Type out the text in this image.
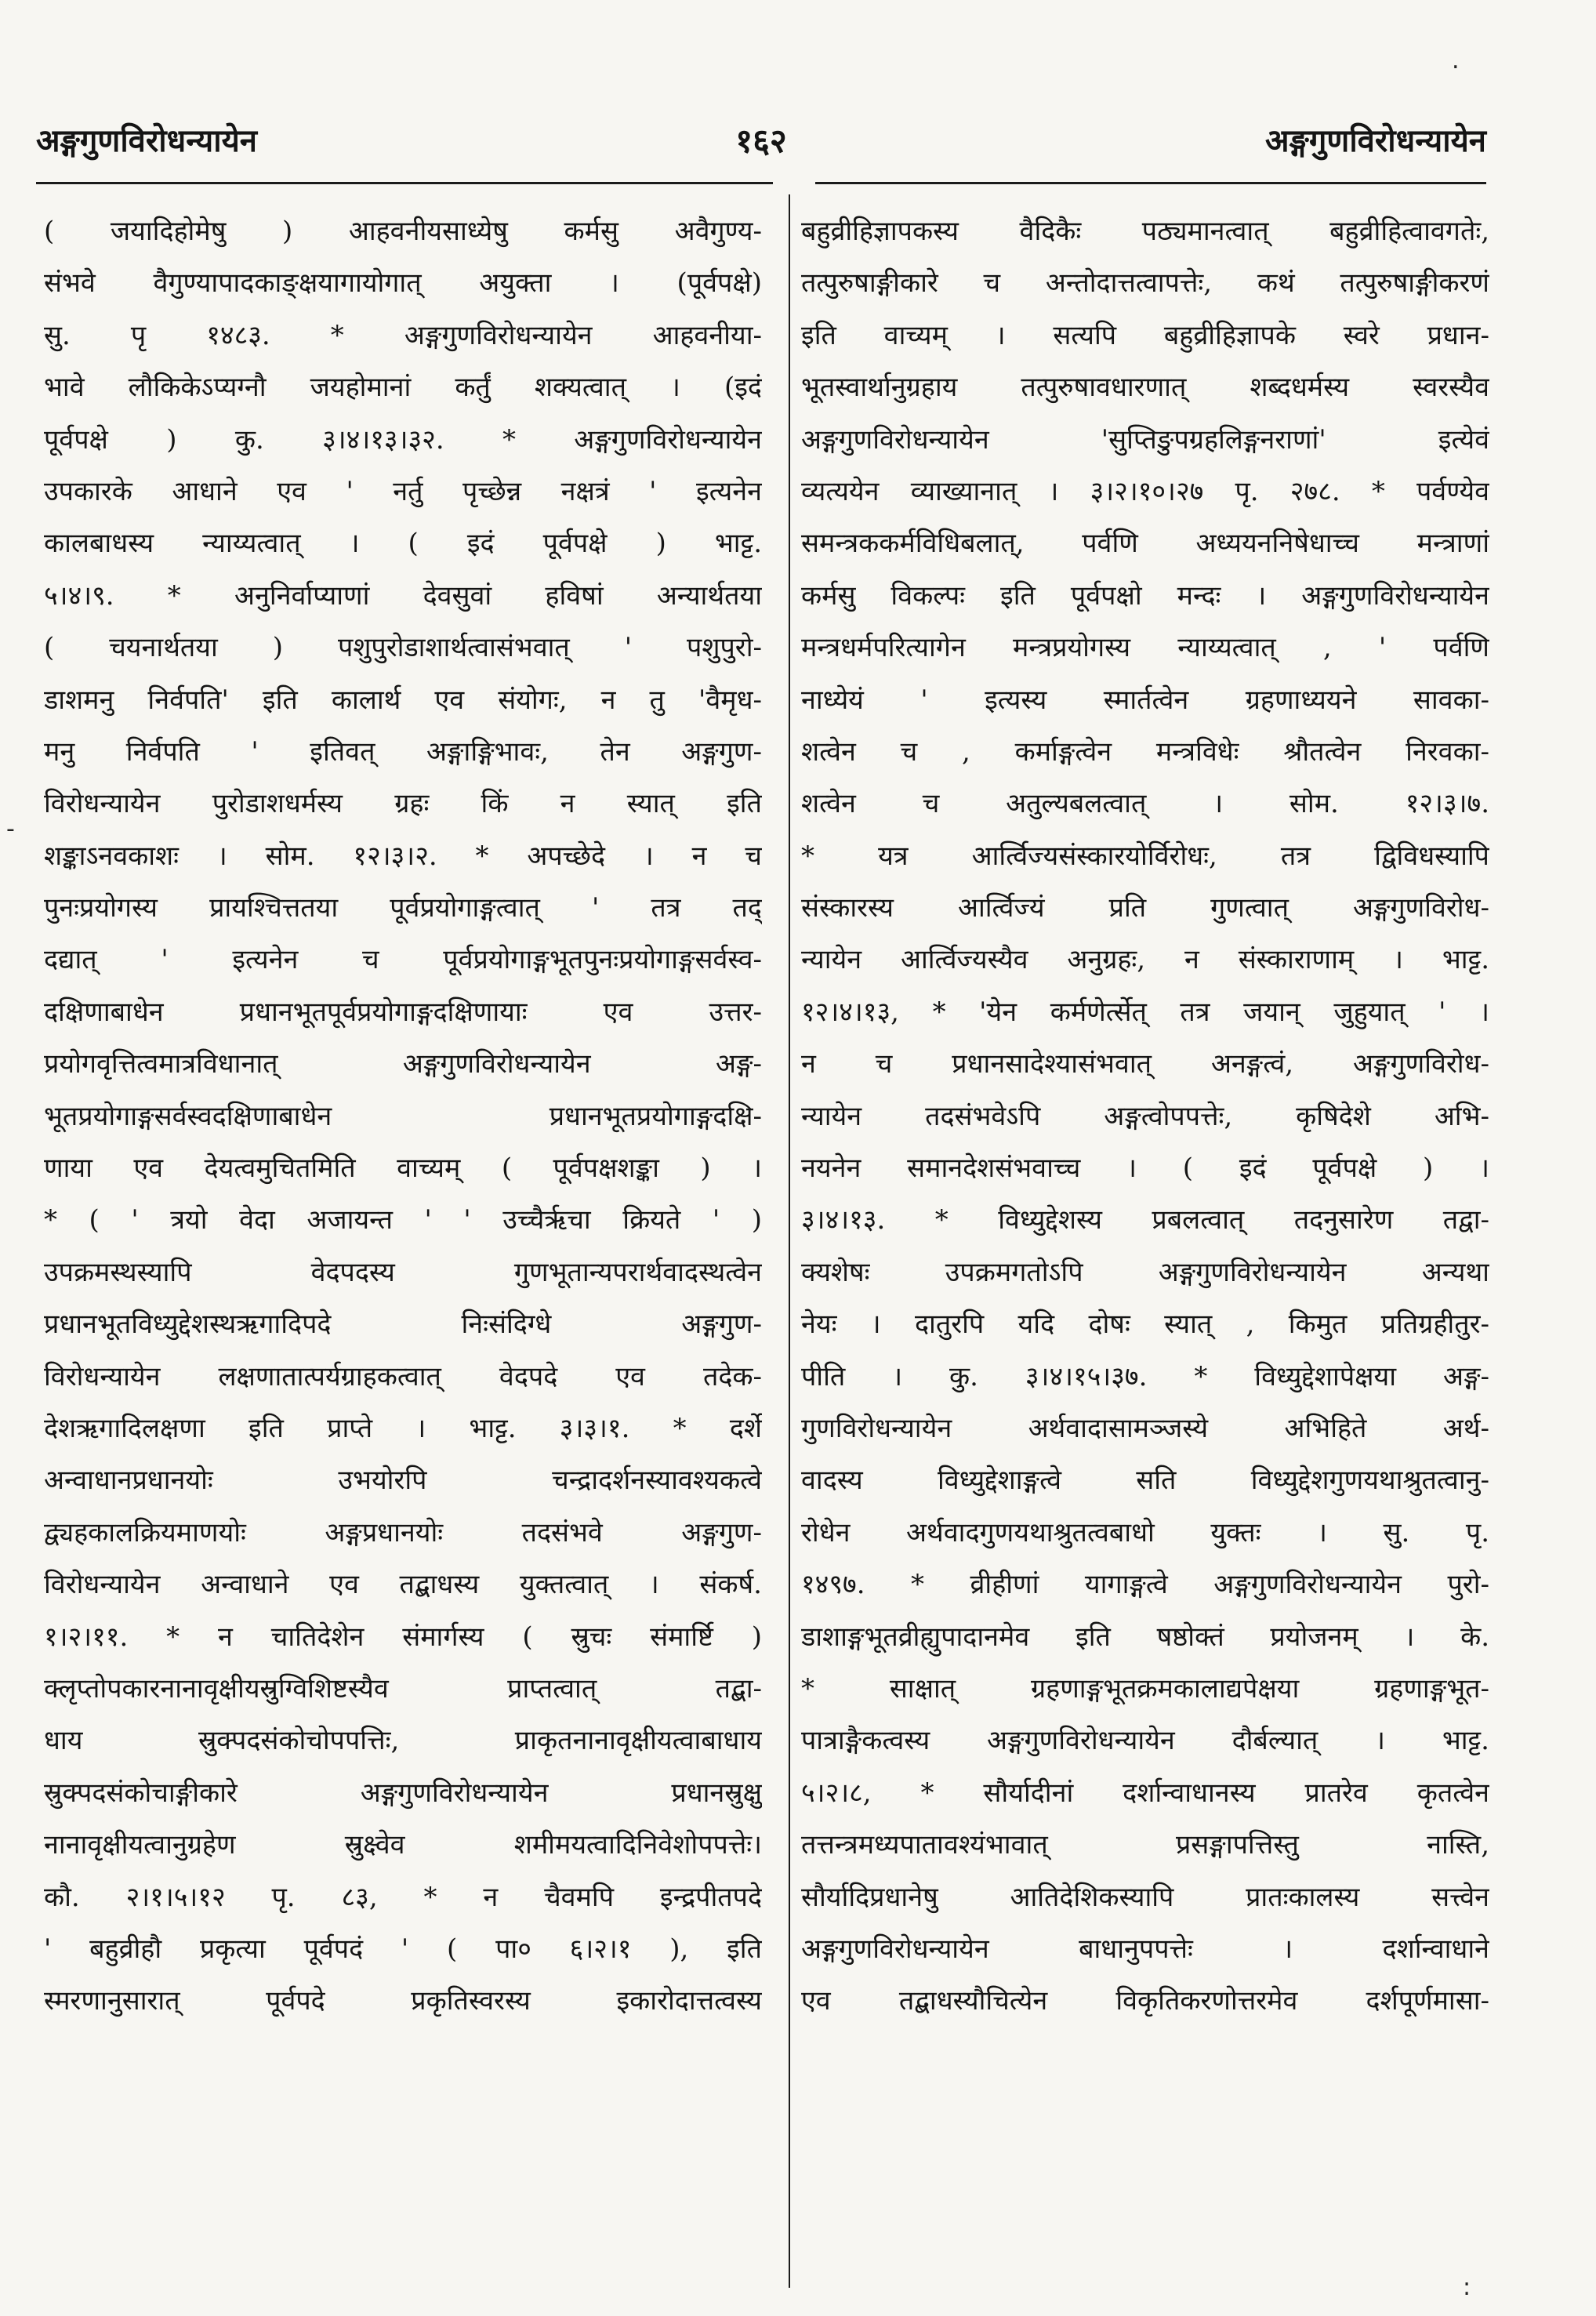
अङ्गगुणविरोधन्यायेन	१६२	अङ्गगुणविरोधन्यायेन
.
-
:
( जयादिहोमेषु ) आहवनीयसाध्येषु कर्मसु अवैगुण्य-
संभवे वैगुण्यापादकाङ्क्षयागायोगात् अयुक्ता । (पूर्वपक्षे)
सु. पृ १४८३. * अङ्गगुणविरोधन्यायेन आहवनीया-
भावे लौकिकेऽप्यग्नौ जयहोमानां कर्तुं शक्यत्वात् । (इदं
पूर्वपक्षे ) कु. ३।४।१३।३२. * अङ्गगुणविरोधन्यायेन
उपकारके आधाने एव ' नर्तु पृच्छेन्न नक्षत्रं ' इत्यनेन
कालबाधस्य न्याय्यत्वात् । ( इदं पूर्वपक्षे ) भाट्ट.
५।४।९. * अनुनिर्वाप्याणां देवसुवां हविषां अन्यार्थतया
( चयनार्थतया ) पशुपुरोडाशार्थत्वासंभवात् ' पशुपुरो-
डाशमनु निर्वपति' इति कालार्थ एव संयोगः, न तु 'वैमृध-
मनु निर्वपति ' इतिवत् अङ्गाङ्गिभावः, तेन अङ्गगुण-
विरोधन्यायेन पुरोडाशधर्मस्य ग्रहः किं न स्यात् इति
शङ्काऽनवकाशः । सोम. १२।३।२. * अपच्छेदे । न च
पुनःप्रयोगस्य प्रायश्चित्ततया पूर्वप्रयोगाङ्गत्वात् ' तत्र तद्
दद्यात् ' इत्यनेन च पूर्वप्रयोगाङ्गभूतपुनःप्रयोगाङ्गसर्वस्व-
दक्षिणाबाधेन प्रधानभूतपूर्वप्रयोगाङ्गदक्षिणायाः एव उत्तर-
प्रयोगवृत्तित्वमात्रविधानात् अङ्गगुणविरोधन्यायेन अङ्ग-
भूतप्रयोगाङ्गसर्वस्वदक्षिणाबाधेन प्रधानभूतप्रयोगाङ्गदक्षि-
णाया एव देयत्वमुचितमिति वाच्यम् ( पूर्वपक्षशङ्का ) ।
* ( ' त्रयो वेदा अजायन्त ' ' उच्चैर्ऋचा क्रियते ' )
उपक्रमस्थस्यापि वेदपदस्य गुणभूतान्यपरार्थवादस्थत्वेन
प्रधानभूतविध्युद्देशस्थऋगादिपदे निःसंदिग्धे अङ्गगुण-
विरोधन्यायेन लक्षणातात्पर्यग्राहकत्वात् वेदपदे एव तदेक-
देशऋगादिलक्षणा इति प्राप्ते । भाट्ट. ३।३।१. * दर्शे
अन्वाधानप्रधानयोः उभयोरपि चन्द्रादर्शनस्यावश्यकत्वे
द्व्यहकालक्रियमाणयोः अङ्गप्रधानयोः तदसंभवे अङ्गगुण-
विरोधन्यायेन अन्वाधाने एव तद्बाधस्य युक्तत्वात् । संकर्ष.
१।२।११. * न चातिदेशेन संमार्गस्य ( स्रुचः संमार्ष्टि )
क्लृप्तोपकारनानावृक्षीयस्रुग्विशिष्टस्यैव प्राप्तत्वात् तद्बा-
धाय स्रुक्पदसंकोचोपपत्तिः, प्राकृतनानावृक्षीयत्वाबाधाय
स्रुक्पदसंकोचाङ्गीकारे अङ्गगुणविरोधन्यायेन प्रधानस्रुक्षु
नानावृक्षीयत्वानुग्रहेण स्रुक्ष्वेव शमीमयत्वादिनिवेशोपपत्तेः।
कौ. २।१।५।१२ पृ. ८३, * न चैवमपि इन्द्रपीतपदे
' बहुव्रीहौ प्रकृत्या पूर्वपदं ' ( पा० ६।२।१ ), इति
स्मरणानुसारात् पूर्वपदे प्रकृतिस्वरस्य इकारोदात्तत्वस्य
बहुव्रीहिज्ञापकस्य वैदिकैः पठ्यमानत्वात् बहुव्रीहित्वावगतेः,
तत्पुरुषाङ्गीकारे च अन्तोदात्तत्वापत्तेः, कथं तत्पुरुषाङ्गीकरणं
इति वाच्यम् । सत्यपि बहुव्रीहिज्ञापके स्वरे प्रधान-
भूतस्वार्थानुग्रहाय तत्पुरुषावधारणात् शब्दधर्मस्य स्वरस्यैव
अङ्गगुणविरोधन्यायेन 'सुप्तिङुपग्रहलिङ्गनराणां' इत्येवं
व्यत्ययेन व्याख्यानात् । ३।२।१०।२७ पृ. २७८. * पर्वण्येव
समन्त्रककर्मविधिबलात्, पर्वणि अध्ययननिषेधाच्च मन्त्राणां
कर्मसु विकल्पः इति पूर्वपक्षो मन्दः । अङ्गगुणविरोधन्यायेन
मन्त्रधर्मपरित्यागेन मन्त्रप्रयोगस्य न्याय्यत्वात् , ' पर्वणि
नाध्येयं ' इत्यस्य स्मार्तत्वेन ग्रहणाध्ययने सावका-
शत्वेन च , कर्माङ्गत्वेन मन्त्रविधेः श्रौतत्वेन निरवका-
शत्वेन च अतुल्यबलत्वात् । सोम. १२।३।७.
* यत्र आर्त्विज्यसंस्कारयोर्विरोधः, तत्र द्विविधस्यापि
संस्कारस्य आर्त्विज्यं प्रति गुणत्वात् अङ्गगुणविरोध-
न्यायेन आर्त्विज्यस्यैव अनुग्रहः, न संस्काराणाम् । भाट्ट.
१२।४।१३, * 'येन कर्मणेर्त्सेत् तत्र जयान् जुहुयात् ' ।
न च प्रधानसादेश्यासंभवात् अनङ्गत्वं, अङ्गगुणविरोध-
न्यायेन तदसंभवेऽपि अङ्गत्वोपपत्तेः, कृषिदेशे अभि-
नयनेन समानदेशसंभवाच्च । ( इदं पूर्वपक्षे ) ।
३।४।१३. * विध्युद्देशस्य प्रबलत्वात् तदनुसारेण तद्वा-
क्यशेषः उपक्रमगतोऽपि अङ्गगुणविरोधन्यायेन अन्यथा
नेयः । दातुरपि यदि दोषः स्यात् , किमुत प्रतिग्रहीतुर-
पीति । कु. ३।४।१५।३७. * विध्युद्देशापेक्षया अङ्ग-
गुणविरोधन्यायेन अर्थवादासामञ्जस्ये अभिहिते अर्थ-
वादस्य विध्युद्देशाङ्गत्वे सति विध्युद्देशगुणयथाश्रुतत्वानु-
रोधेन अर्थवादगुणयथाश्रुतत्वबाधो युक्तः । सु. पृ.
१४९७. * व्रीहीणां यागाङ्गत्वे अङ्गगुणविरोधन्यायेन पुरो-
डाशाङ्गभूतव्रीह्युपादानमेव इति षष्ठोक्तं प्रयोजनम् । के.
* साक्षात् ग्रहणाङ्गभूतक्रमकालाद्यपेक्षया ग्रहणाङ्गभूत-
पात्राङ्गैकत्वस्य अङ्गगुणविरोधन्यायेन दौर्बल्यात् । भाट्ट.
५।२।८, * सौर्यादीनां दर्शान्वाधानस्य प्रातरेव कृतत्वेन
तत्तन्त्रमध्यपातावश्यंभावात् प्रसङ्गापत्तिस्तु नास्ति,
सौर्यादिप्रधानेषु आतिदेशिकस्यापि प्रातःकालस्य सत्त्वेन
अङ्गगुणविरोधन्यायेन बाधानुपपत्तेः । दर्शान्वाधाने
एव तद्बाधस्यौचित्येन विकृतिकरणोत्तरमेव दर्शपूर्णमासा-
